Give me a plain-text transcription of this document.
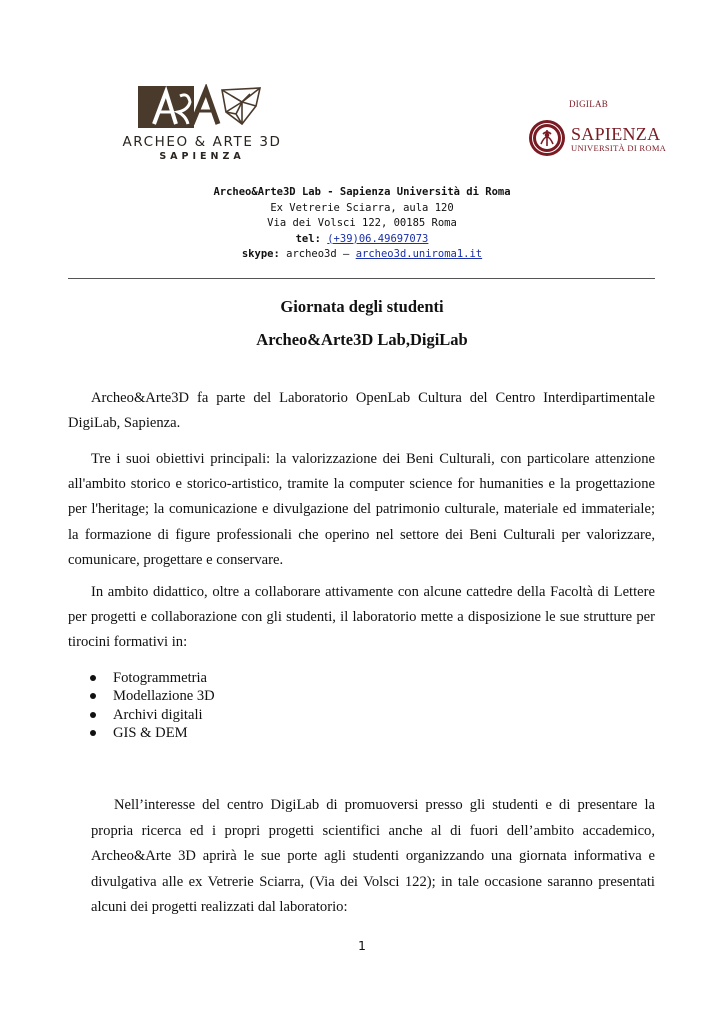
ARCHEO & ARTE 3D
SAPIENZA
DIGILAB
SAPIENZA
UNIVERSITÀ DI ROMA
Archeo&Arte3D Lab - Sapienza Università di Roma
Ex Vetrerie Sciarra, aula 120
Via dei Volsci 122, 00185 Roma
tel: (+39)06.49697073
skype: archeo3d – archeo3d.uniroma1.it
Giornata degli studenti
Archeo&Arte3D Lab,DigiLab

Archeo&Arte3D fa parte del Laboratorio OpenLab Cultura del Centro Interdipartimentale DigiLab, Sapienza.

Tre i suoi obiettivi principali: la valorizzazione dei Beni Culturali, con particolare attenzione all'ambito storico e storico-artistico, tramite la computer science for humanities e la progettazione per l'heritage; la comunicazione e divulgazione del patrimonio culturale, materiale ed immateriale; la formazione di figure professionali che operino nel settore dei Beni Culturali per valorizzare, comunicare, progettare e conservare.

In ambito didattico, oltre a collaborare attivamente con alcune cattedre della Facoltà di Lettere per progetti e collaborazione con gli studenti, il laboratorio mette a disposizione le sue strutture per tirocini formativi in:

Fotogrammetria
Modellazione 3D
Archivi digitali
GIS & DEM

Nell’interesse del centro DigiLab di promuoversi presso gli studenti e di presentare la propria ricerca ed i propri progetti scientifici anche al di fuori dell’ambito accademico, Archeo&Arte 3D aprirà le sue porte agli studenti organizzando una giornata informativa e divulgativa alle ex Vetrerie Sciarra, (Via dei Volsci 122); in tale occasione saranno presentati alcuni dei progetti realizzati dal laboratorio:

1
